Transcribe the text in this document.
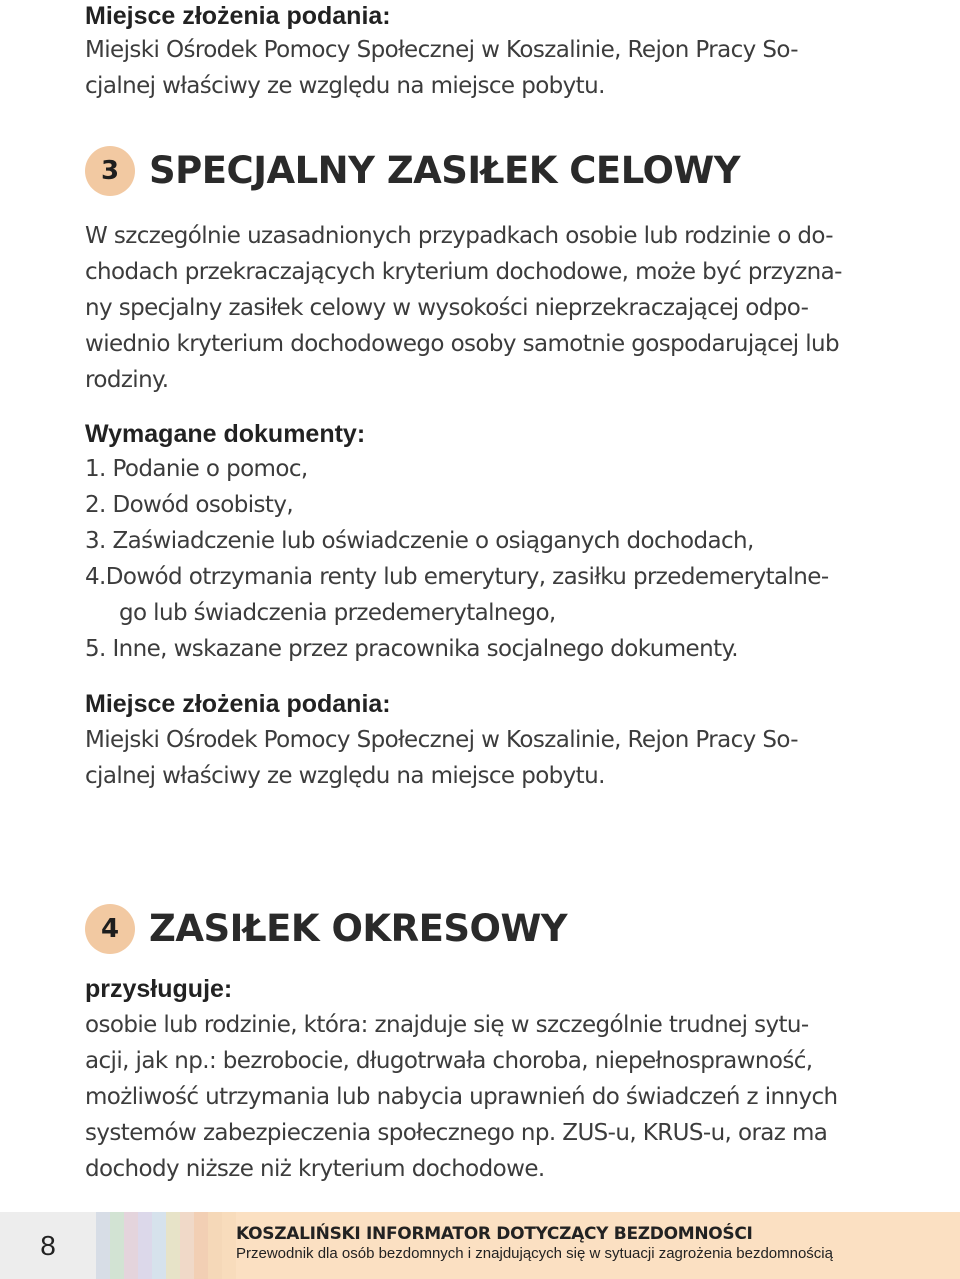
Miejsce złożenia podania:
Miejski Ośrodek Pomocy Społecznej w Koszalinie, Rejon Pracy So-
cjalnej właściwy ze względu na miejsce pobytu.
3 SPECJALNY ZASIŁEK CELOWY
W szczególnie uzasadnionych przypadkach osobie lub rodzinie o do-
chodach przekraczających kryterium dochodowe, może być przyzna-
ny specjalny zasiłek celowy w wysokości nieprzekraczającej odpo-
wiednio kryterium dochodowego osoby samotnie gospodarującej lub
rodziny.
Wymagane dokumenty:
1. Podanie o pomoc,
2. Dowód osobisty,
3. Zaświadczenie lub oświadczenie o osiąganych dochodach,
4.Dowód otrzymania renty lub emerytury, zasiłku przedemerytalne-
go lub świadczenia przedemerytalnego,
5. Inne, wskazane przez pracownika socjalnego dokumenty.
Miejsce złożenia podania:
Miejski Ośrodek Pomocy Społecznej w Koszalinie, Rejon Pracy So-
cjalnej właściwy ze względu na miejsce pobytu.
4 ZASIŁEK OKRESOWY
przysługuje:
osobie lub rodzinie, która: znajduje się w szczególnie trudnej sytu-
acji, jak np.: bezrobocie, długotrwała choroba, niepełnosprawność,
możliwość utrzymania lub nabycia uprawnień do świadczeń z innych
systemów zabezpieczenia społecznego np. ZUS-u, KRUS-u, oraz ma
dochody niższe niż kryterium dochodowe.
8	KOSZALIŃSKI INFORMATOR DOTYCZĄCY BEZDOMNOŚCI
Przewodnik dla osób bezdomnych i znajdujących się w sytuacji zagrożenia bezdomnością
